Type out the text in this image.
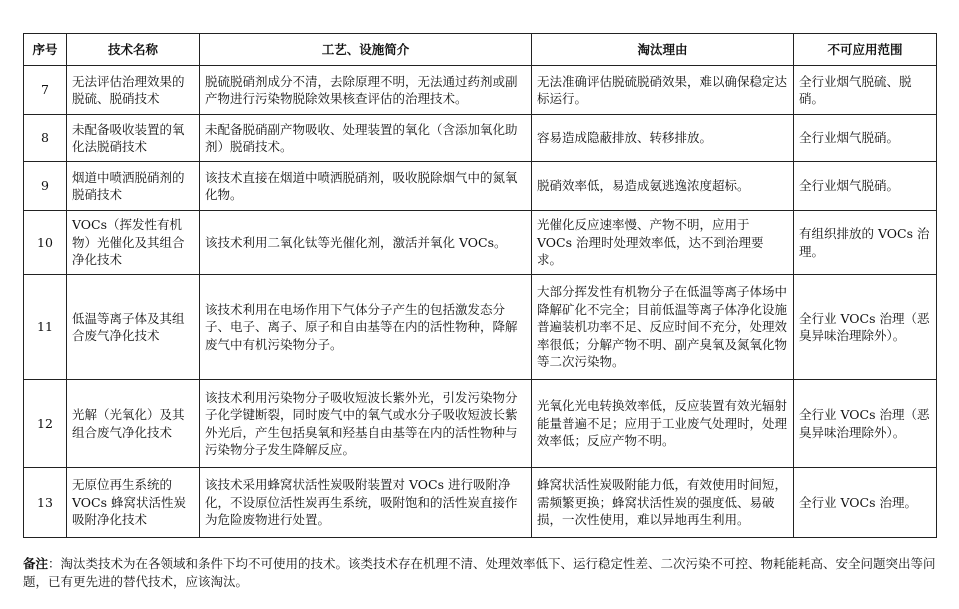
序号	技术名称	工艺、设施简介	淘汰理由	不可应用范围
7	无法评估治理效果的脱硫、脱硝技术	脱硫脱硝剂成分不清，去除原理不明，无法通过药剂或副产物进行污染物脱除效果核查评估的治理技术。	无法准确评估脱硫脱硝效果，难以确保稳定达标运行。	全行业烟气脱硫、脱硝。
8	未配备吸收装置的氧化法脱硝技术	未配备脱硝副产物吸收、处理装置的氧化（含添加氧化助剂）脱硝技术。	容易造成隐蔽排放、转移排放。	全行业烟气脱硝。
9	烟道中喷洒脱硝剂的脱硝技术	该技术直接在烟道中喷洒脱硝剂，吸收脱除烟气中的氮氧化物。	脱硝效率低，易造成氨逃逸浓度超标。	全行业烟气脱硝。
10	VOCs（挥发性有机物）光催化及其组合净化技术	该技术利用二氧化钛等光催化剂，激活并氧化 VOCs。	光催化反应速率慢、产物不明，应用于 VOCs 治理时处理效率低，达不到治理要求。	有组织排放的 VOCs 治理。
11	低温等离子体及其组合废气净化技术	该技术利用在电场作用下气体分子产生的包括激发态分子、电子、离子、原子和自由基等在内的活性物种，降解废气中有机污染物分子。	大部分挥发性有机物分子在低温等离子体场中降解矿化不完全；目前低温等离子体净化设施普遍装机功率不足、反应时间不充分，处理效率很低；分解产物不明、副产臭氧及氮氧化物等二次污染物。	全行业 VOCs 治理（恶臭异味治理除外）。
12	光解（光氧化）及其组合废气净化技术	该技术利用污染物分子吸收短波长紫外光，引发污染物分子化学键断裂，同时废气中的氧气或水分子吸收短波长紫外光后，产生包括臭氧和羟基自由基等在内的活性物种与污染物分子发生降解反应。	光氧化光电转换效率低，反应装置有效光辐射能量普遍不足；应用于工业废气处理时，处理效率低；反应产物不明。	全行业 VOCs 治理（恶臭异味治理除外）。
13	无原位再生系统的 VOCs 蜂窝状活性炭吸附净化技术	该技术采用蜂窝状活性炭吸附装置对 VOCs 进行吸附净化，不设原位活性炭再生系统，吸附饱和的活性炭直接作为危险废物进行处置。	蜂窝状活性炭吸附能力低，有效使用时间短，需频繁更换；蜂窝状活性炭的强度低、易破损，一次性使用，难以异地再生利用。	全行业 VOCs 治理。
备注：淘汰类技术为在各领域和条件下均不可使用的技术。该类技术存在机理不清、处理效率低下、运行稳定性差、二次污染不可控、物耗能耗高、安全问题突出等问题，已有更先进的替代技术，应该淘汰。
